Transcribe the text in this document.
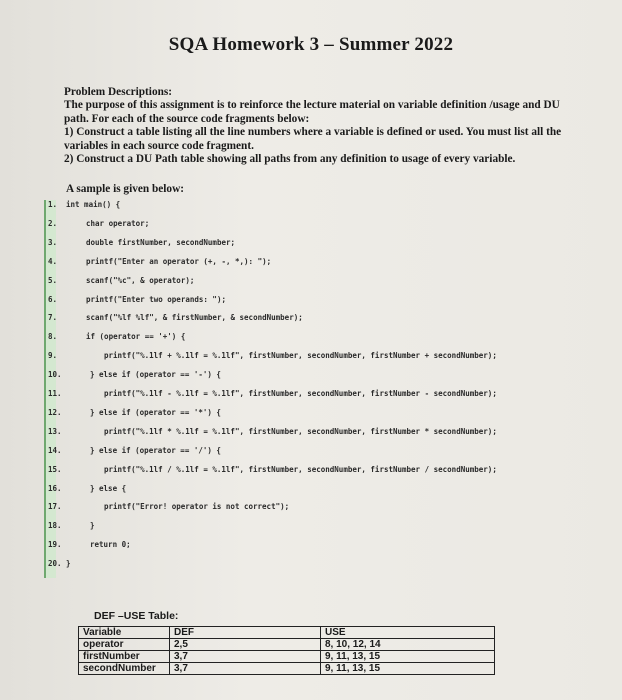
SQA Homework 3 – Summer 2022
Problem Descriptions:
The purpose of this assignment is to reinforce the lecture material on variable definition /usage and DU
path. For each of the source code fragments below:
1) Construct a table listing all the line numbers where a variable is defined or used. You must list all the
variables in each source code fragment.
2) Construct a DU Path table showing all paths from any definition to usage of every variable.
A sample is given below:
1.	int main() {
2.	char operator;
3.	double firstNumber, secondNumber;
4.	printf("Enter an operator (+, -, *,): ");
5.	scanf("%c", & operator);
6.	printf("Enter two operands: ");
7.	scanf("%lf %lf", & firstNumber, & secondNumber);
8.	if (operator == '+') {
9.	printf("%.1lf + %.1lf = %.1lf", firstNumber, secondNumber, firstNumber + secondNumber);
10.	} else if (operator == '-') {
11.	printf("%.1lf - %.1lf = %.1lf", firstNumber, secondNumber, firstNumber - secondNumber);
12.	} else if (operator == '*') {
13.	printf("%.1lf * %.1lf = %.1lf", firstNumber, secondNumber, firstNumber * secondNumber);
14.	} else if (operator == '/') {
15.	printf("%.1lf / %.1lf = %.1lf", firstNumber, secondNumber, firstNumber / secondNumber);
16.	} else {
17.	printf("Error! operator is not correct");
18.	}
19.	return 0;
20. }
DEF –USE Table:
Variable	DEF	USE
operator	2,5	8, 10, 12, 14
firstNumber	3,7	9, 11, 13, 15
secondNumber	3,7	9, 11, 13, 15
